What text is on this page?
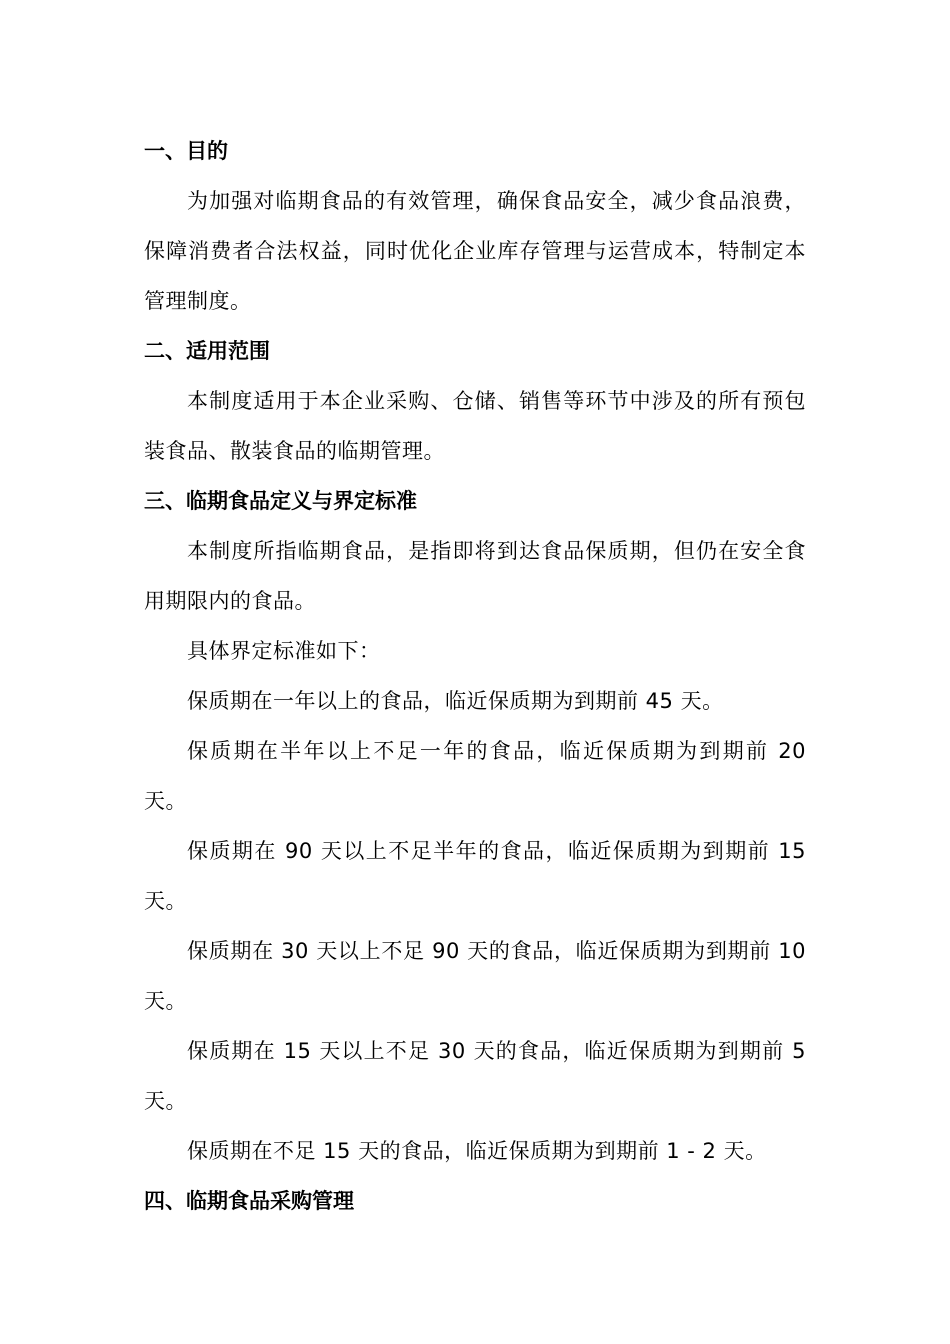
一、目的

为加强对临期食品的有效管理，确保食品安全，减少食品浪费，保障消费者合法权益，同时优化企业库存管理与运营成本，特制定本管理制度。

二、适用范围

本制度适用于本企业采购、仓储、销售等环节中涉及的所有预包装食品、散装食品的临期管理。

三、临期食品定义与界定标准

本制度所指临期食品，是指即将到达食品保质期，但仍在安全食用期限内的食品。

具体界定标准如下：

保质期在一年以上的食品，临近保质期为到期前 45 天。

保质期在半年以上不足一年的食品，临近保质期为到期前 20 天。

保质期在 90 天以上不足半年的食品，临近保质期为到期前 15 天。

保质期在 30 天以上不足 90 天的食品，临近保质期为到期前 10 天。

保质期在 15 天以上不足 30 天的食品，临近保质期为到期前 5 天。

保质期在不足 15 天的食品，临近保质期为到期前 1 - 2 天。

四、临期食品采购管理
